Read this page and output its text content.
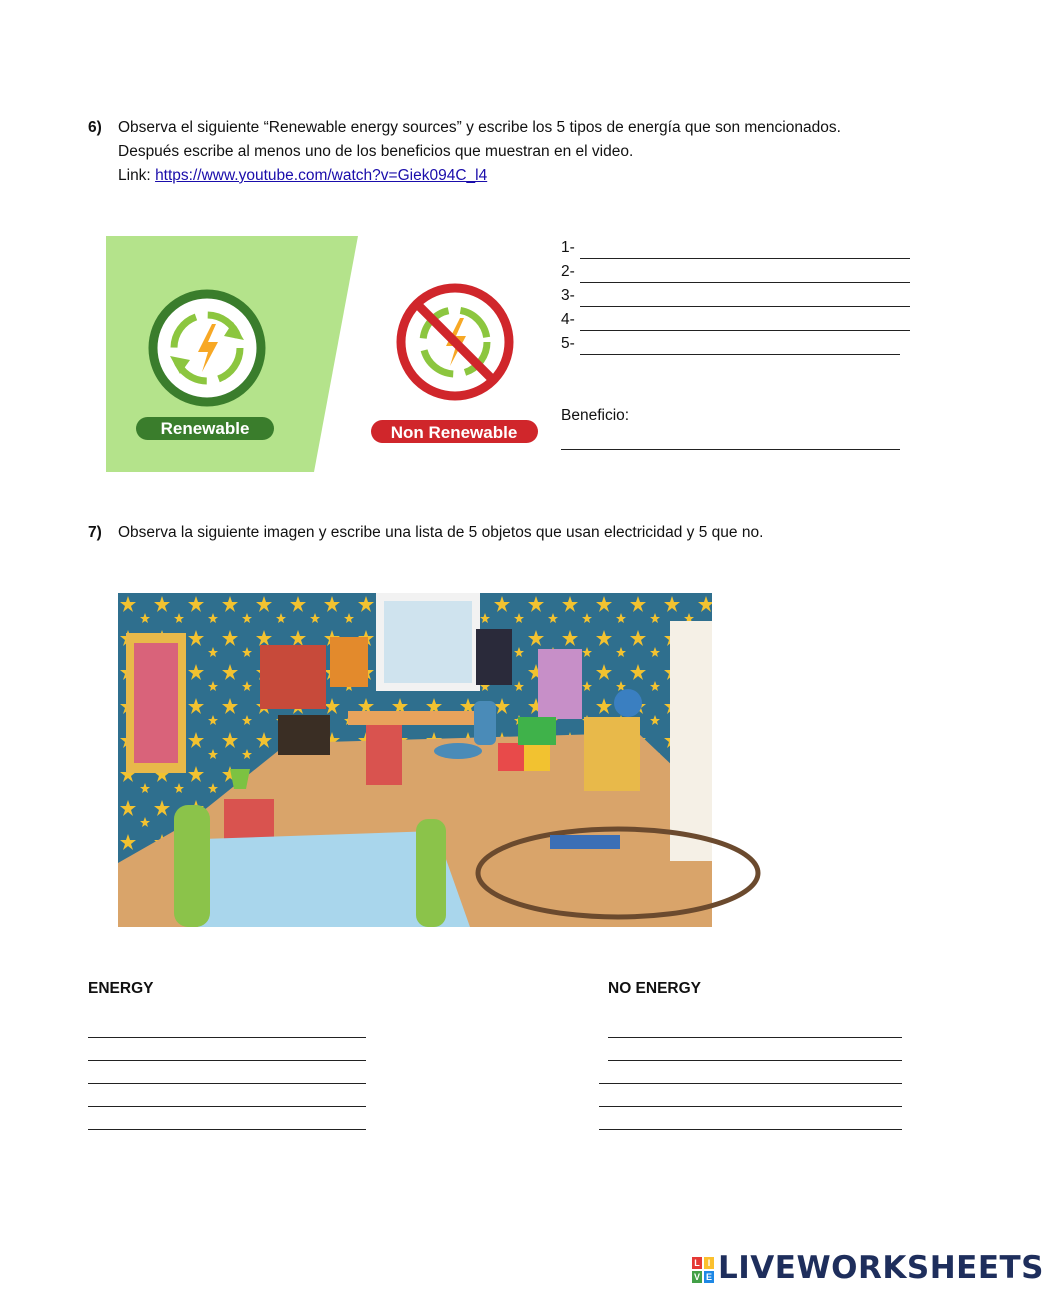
6) Observa el siguiente “Renewable energy sources” y escribe los 5 tipos de energía que son mencionados.
Después escribe al menos uno de los beneficios que muestran en el video.
Link: https://www.youtube.com/watch?v=Giek094C_l4
Renewable	Non Renewable
1-
2-
3-
4-
5-
Beneficio:
7) Observa la siguiente imagen y escribe una lista de 5 objetos que usan electricidad y 5 que no.
ENERGY	NO ENERGY
L I
V E LIVEWORKSHEETS
